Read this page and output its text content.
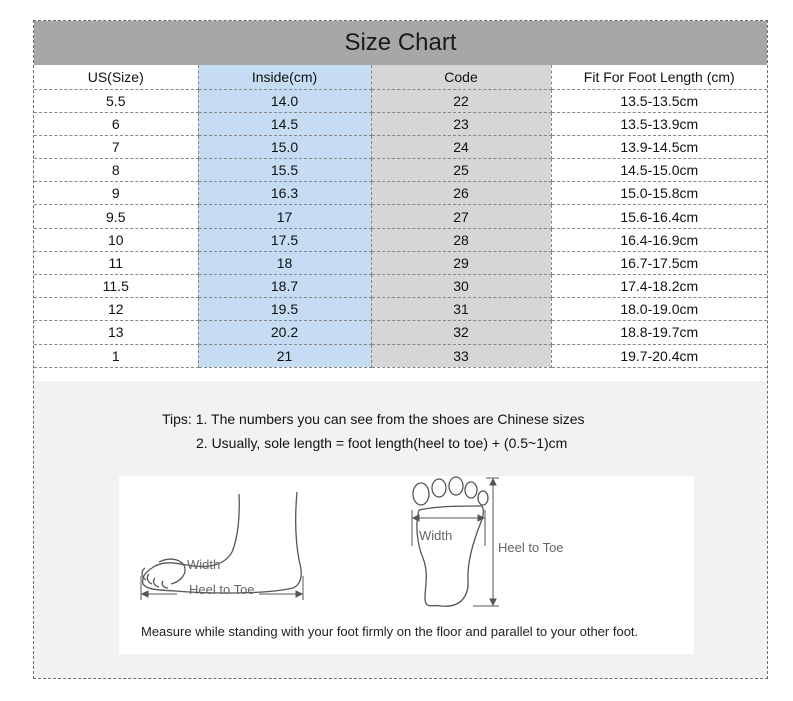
Size Chart
US(Size)	Inside(cm)	Code	Fit For Foot Length (cm)
5.5	14.0	22	13.5-13.5cm
6	14.5	23	13.5-13.9cm
7	15.0	24	13.9-14.5cm
8	15.5	25	14.5-15.0cm
9	16.3	26	15.0-15.8cm
9.5	17	27	15.6-16.4cm
10	17.5	28	16.4-16.9cm
11	18	29	16.7-17.5cm
11.5	18.7	30	17.4-18.2cm
12	19.5	31	18.0-19.0cm
13	20.2	32	18.8-19.7cm
1	21	33	19.7-20.4cm
Tips: 1. The numbers you can see from the shoes are Chinese sizes
2. Usually, sole length = foot length(heel to toe) + (0.5~1)cm
Width
Heel to Toe
Width
Heel to Toe
Measure while standing with your foot firmly on the floor and parallel to your other foot.
